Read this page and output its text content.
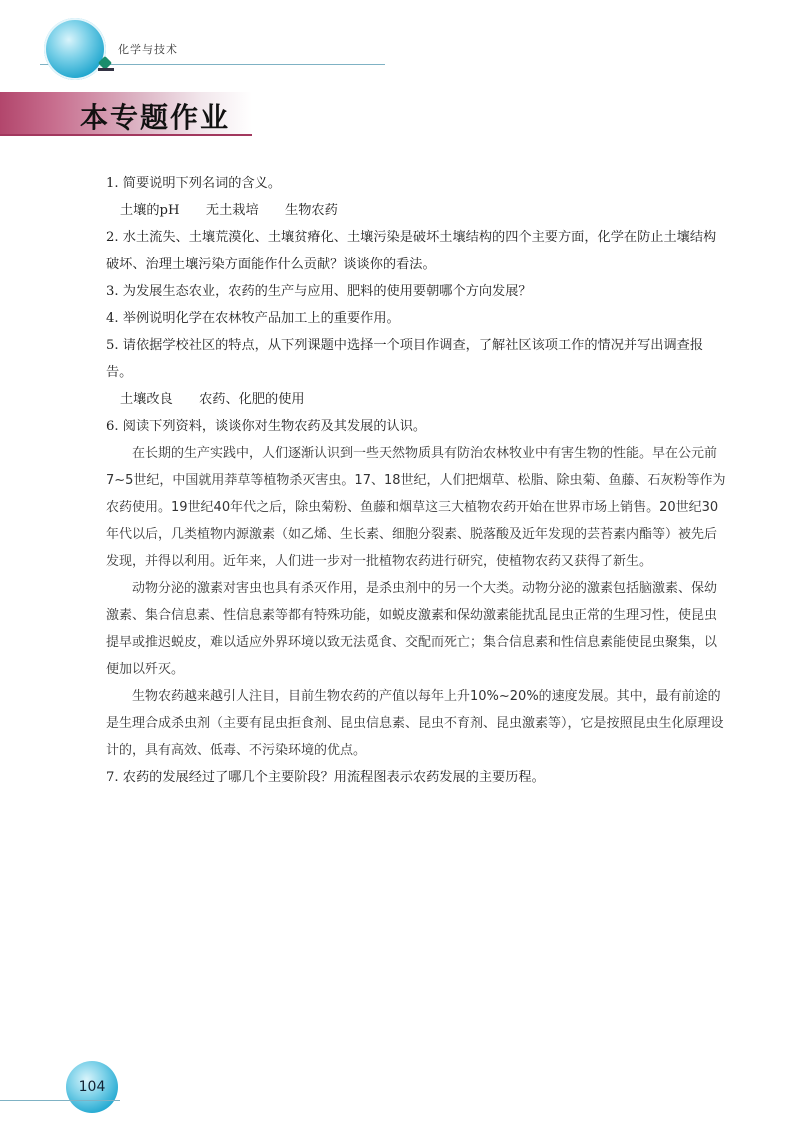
化学与技术
本专题作业

1. 简要说明下列名词的含义。

土壤的pH　　无土栽培　　生物农药

2. 水土流失、土壤荒漠化、土壤贫瘠化、土壤污染是破坏土壤结构的四个主要方面，化学在防止土壤结构破坏、治理土壤污染方面能作什么贡献？谈谈你的看法。

3. 为发展生态农业，农药的生产与应用、肥料的使用要朝哪个方向发展？

4. 举例说明化学在农林牧产品加工上的重要作用。

5. 请依据学校社区的特点，从下列课题中选择一个项目作调查，了解社区该项工作的情况并写出调查报告。

土壤改良　　农药、化肥的使用

6. 阅读下列资料，谈谈你对生物农药及其发展的认识。

在长期的生产实践中，人们逐渐认识到一些天然物质具有防治农林牧业中有害生物的性能。早在公元前7~5世纪，中国就用莽草等植物杀灭害虫。17、18世纪，人们把烟草、松脂、除虫菊、鱼藤、石灰粉等作为农药使用。19世纪40年代之后，除虫菊粉、鱼藤和烟草这三大植物农药开始在世界市场上销售。20世纪30年代以后，几类植物内源激素（如乙烯、生长素、细胞分裂素、脱落酸及近年发现的芸苔素内酯等）被先后发现，并得以利用。近年来，人们进一步对一批植物农药进行研究，使植物农药又获得了新生。

动物分泌的激素对害虫也具有杀灭作用，是杀虫剂中的另一个大类。动物分泌的激素包括脑激素、保幼激素、集合信息素、性信息素等都有特殊功能，如蜕皮激素和保幼激素能扰乱昆虫正常的生理习性，使昆虫提早或推迟蜕皮，难以适应外界环境以致无法觅食、交配而死亡；集合信息素和性信息素能使昆虫聚集，以便加以歼灭。

生物农药越来越引人注目，目前生物农药的产值以每年上升10%~20%的速度发展。其中，最有前途的是生理合成杀虫剂（主要有昆虫拒食剂、昆虫信息素、昆虫不育剂、昆虫激素等），它是按照昆虫生化原理设计的，具有高效、低毒、不污染环境的优点。

7. 农药的发展经过了哪几个主要阶段？用流程图表示农药发展的主要历程。

104
